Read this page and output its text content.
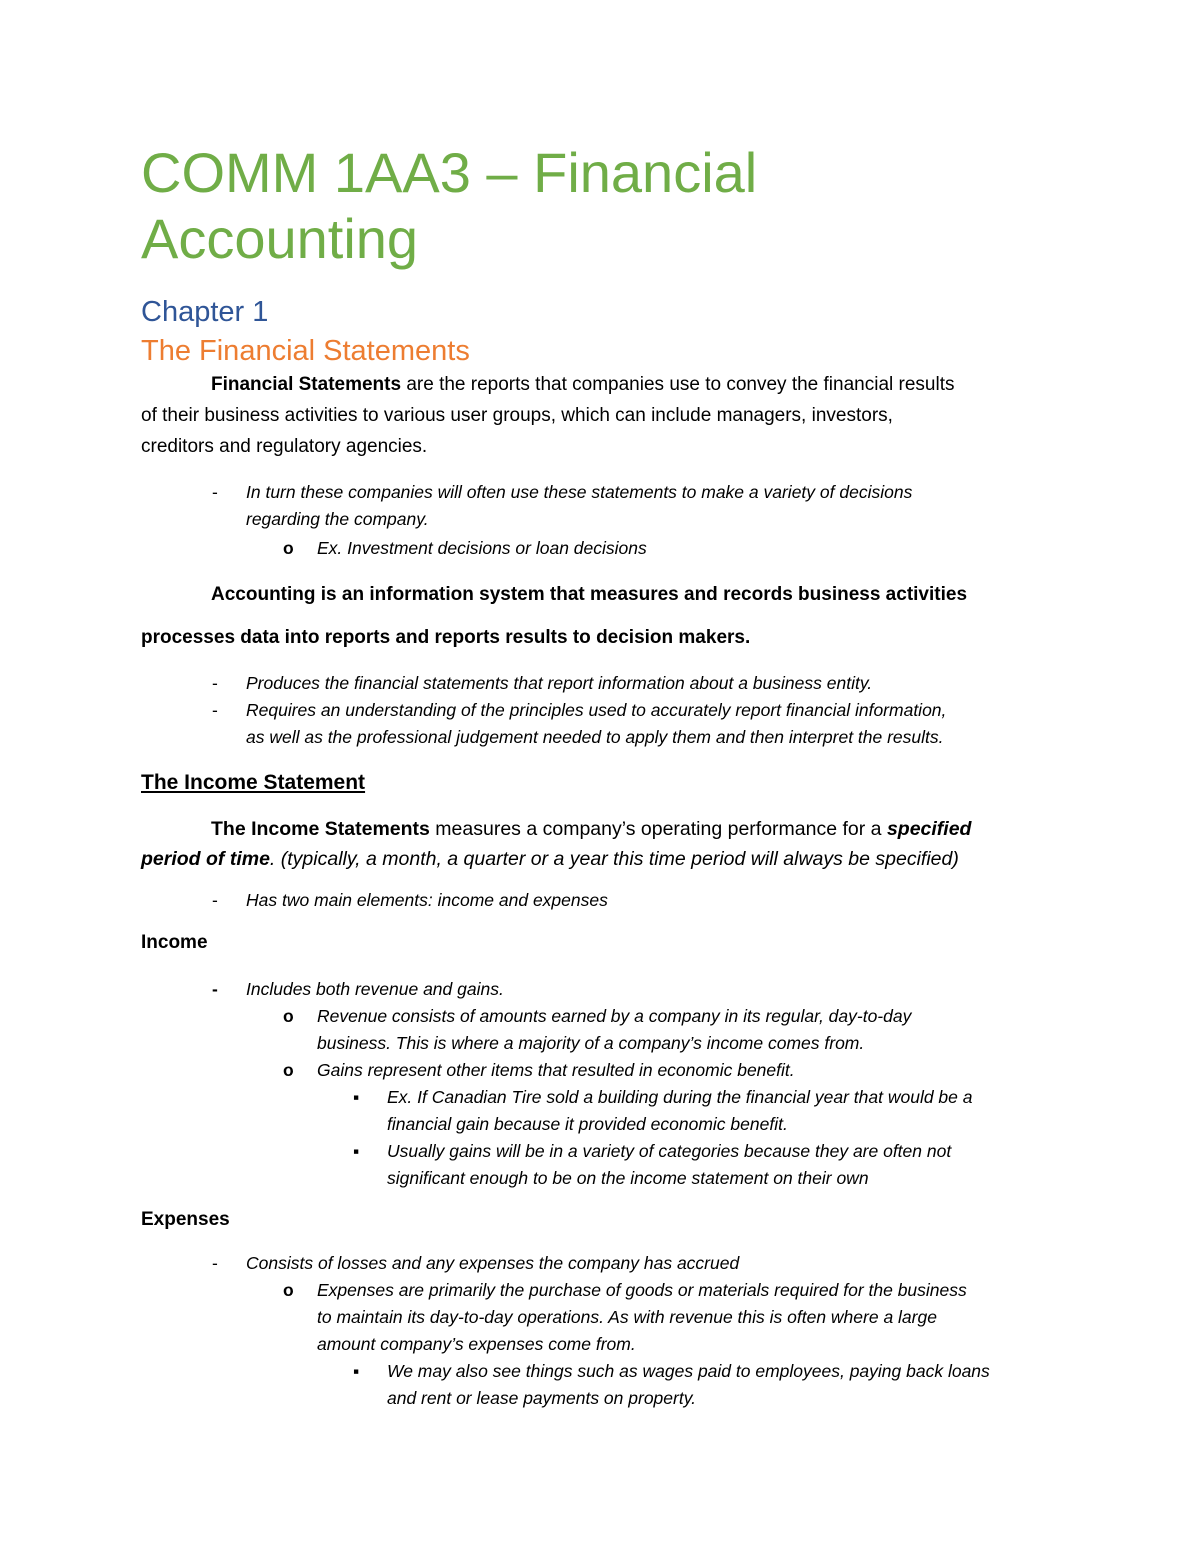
COMM 1AA3 – Financial Accounting
Chapter 1
The Financial Statements
Financial Statements are the reports that companies use to convey the financial results
of their business activities to various user groups, which can include managers, investors,
creditors and regulatory agencies.
- In turn these companies will often use these statements to make a variety of decisions
regarding the company.
o Ex. Investment decisions or loan decisions
Accounting is an information system that measures and records business activities
processes data into reports and reports results to decision makers.
- Produces the financial statements that report information about a business entity.
- Requires an understanding of the principles used to accurately report financial information,
as well as the professional judgement needed to apply them and then interpret the results.
The Income Statement
The Income Statements measures a company’s operating performance for a specified
period of time. (typically, a month, a quarter or a year this time period will always be specified)
- Has two main elements: income and expenses
Income
- Includes both revenue and gains.
o Revenue consists of amounts earned by a company in its regular, day-to-day
business. This is where a majority of a company’s income comes from.
o Gains represent other items that resulted in economic benefit.
▪ Ex. If Canadian Tire sold a building during the financial year that would be a
financial gain because it provided economic benefit.
▪ Usually gains will be in a variety of categories because they are often not
significant enough to be on the income statement on their own
Expenses
- Consists of losses and any expenses the company has accrued
o Expenses are primarily the purchase of goods or materials required for the business
to maintain its day-to-day operations. As with revenue this is often where a large
amount company’s expenses come from.
▪ We may also see things such as wages paid to employees, paying back loans
and rent or lease payments on property.
